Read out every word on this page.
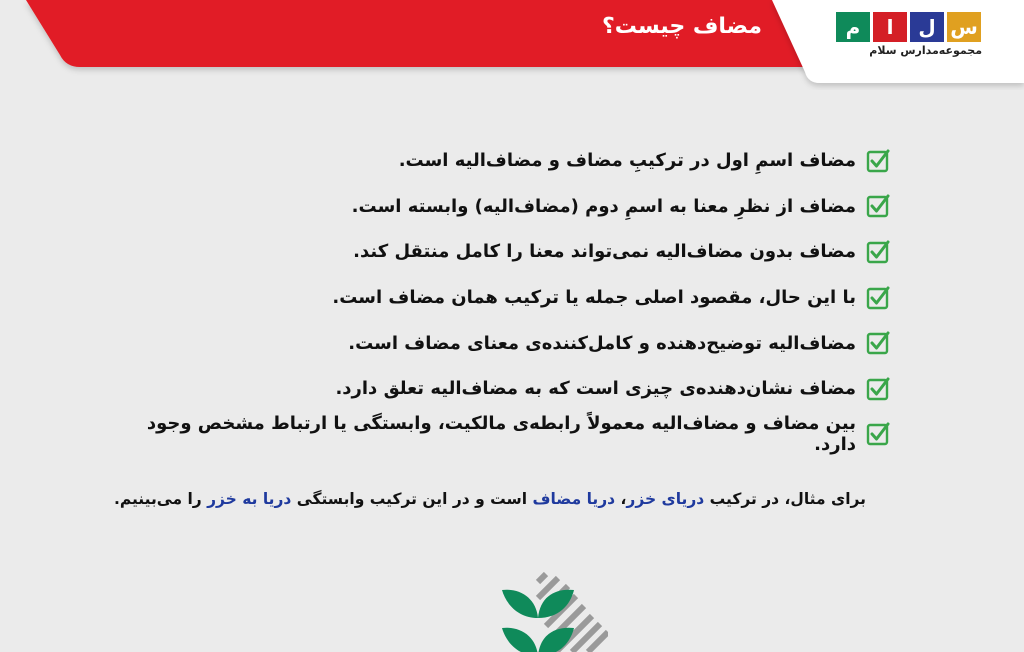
مضاف چیست؟	م	ا	ل س
مجموعه‌مدارس سلام
مضاف اسمِ اول در ترکیبِ مضاف و مضاف‌الیه است.
مضاف از نظرِ معنا به اسمِ دوم (مضاف‌الیه) وابسته است.
مضاف بدون مضاف‌الیه نمی‌تواند معنا را کامل منتقل کند.
با این حال، مقصود اصلی جمله یا ترکیب همان مضاف است.
مضاف‌الیه توضیح‌دهنده و کامل‌کننده‌ی معنای مضاف است.
مضاف نشان‌دهنده‌ی چیزی است که به مضاف‌الیه تعلق دارد.
بین مضاف و مضاف‌الیه معمولاً رابطه‌ی مالکیت، وابستگی یا ارتباط مشخص وجود دارد.
برای مثال، در ترکیب دریای خزر، دریا مضاف است و در این ترکیب وابستگی دریا به خزر را می‌بینیم.
